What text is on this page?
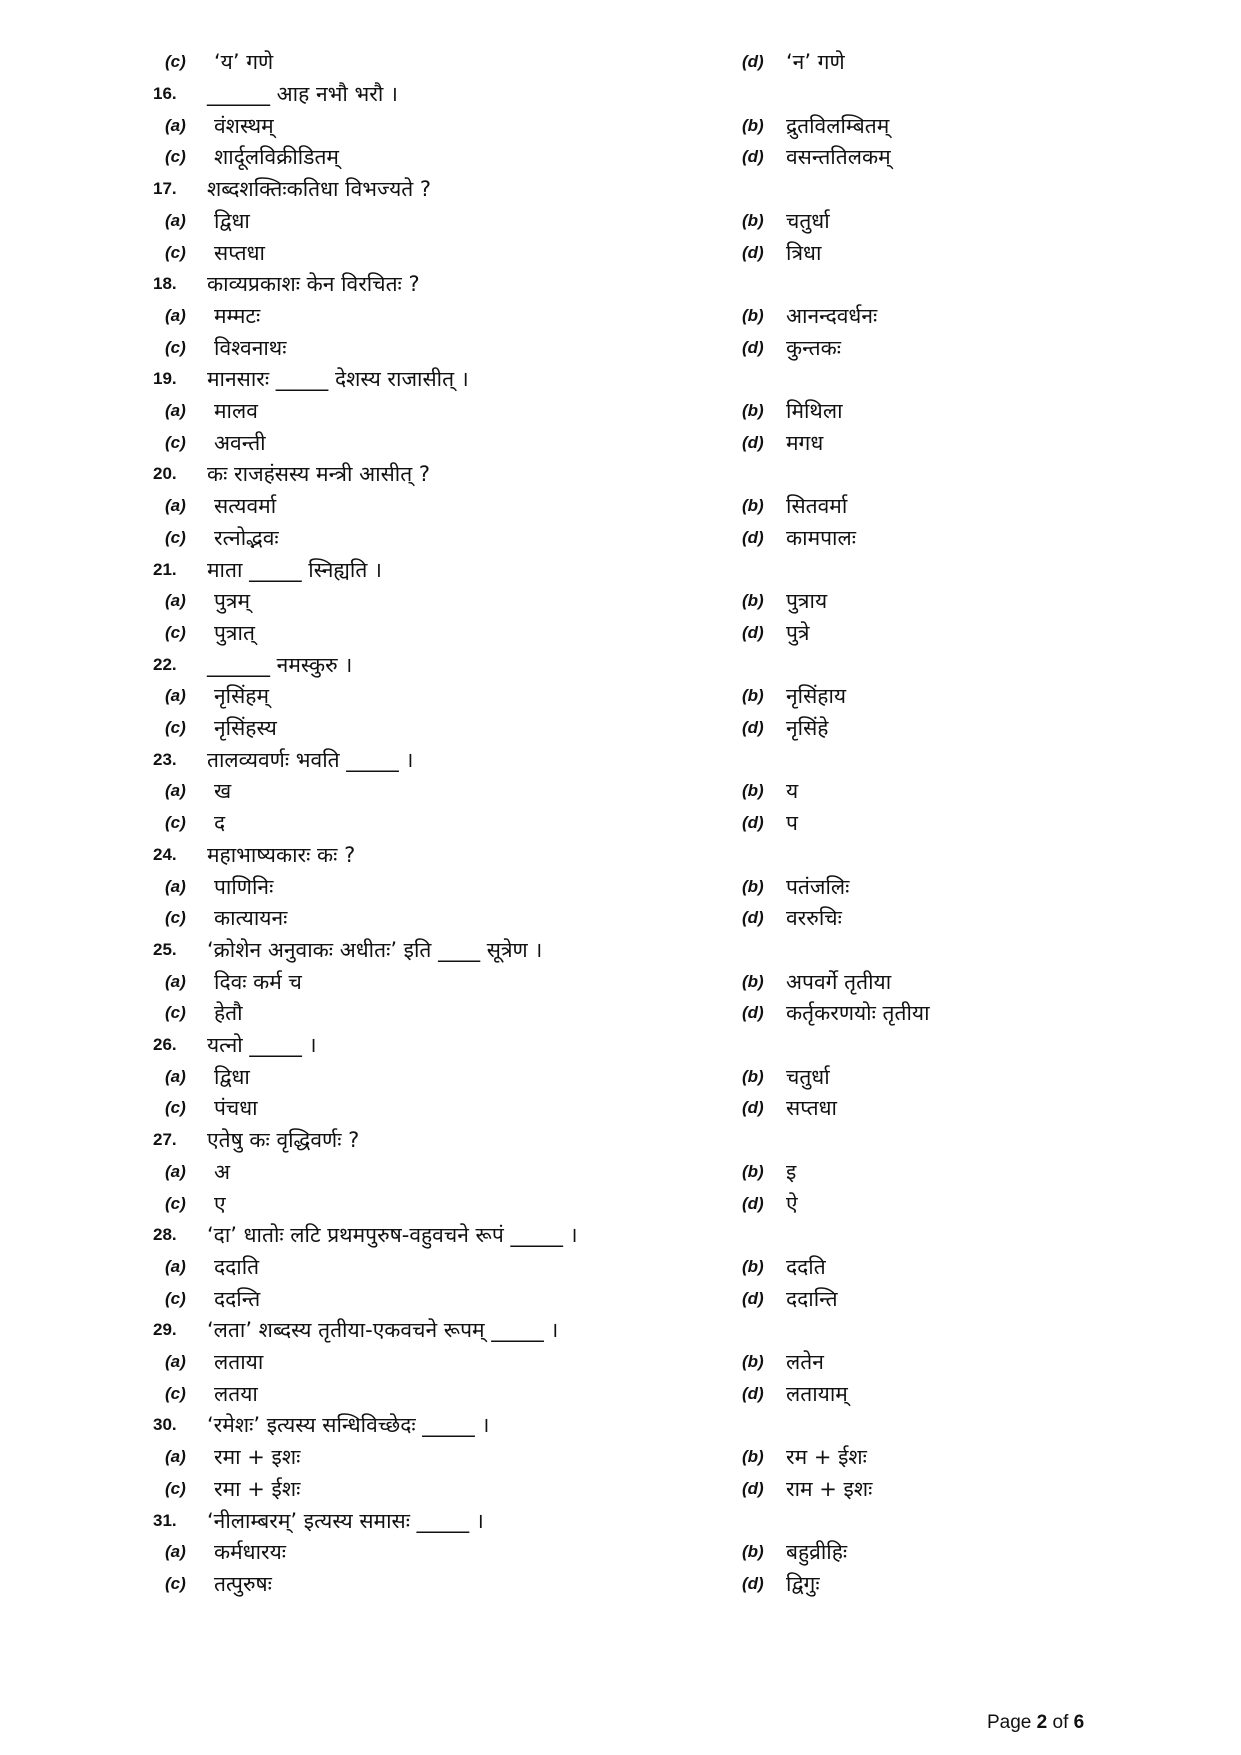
(c) ‘य’ गणे	(d) ‘न’ गणे
16. ______ आह नभौ भरौ ।
(a) वंशस्थम्	(b) द्रुतविलम्बितम्
(c) शार्दूलविक्रीडितम्	(d) वसन्ततिलकम्
17. शब्दशक्तिःकतिधा विभज्यते ?
(a) द्विधा	(b) चतुर्धा
(c) सप्तधा	(d) त्रिधा
18. काव्यप्रकाशः केन विरचितः ?
(a) मम्मटः	(b) आनन्दवर्धनः
(c) विश्वनाथः	(d) कुन्तकः
19. मानसारः _____ देशस्य राजासीत् ।
(a) मालव	(b) मिथिला
(c) अवन्ती	(d) मगध
20. कः राजहंसस्य मन्त्री आसीत् ?
(a) सत्यवर्मा	(b) सितवर्मा
(c) रत्नोद्भवः	(d) कामपालः
21. माता _____ स्निह्यति ।
(a) पुत्रम्	(b) पुत्राय
(c) पुत्रात्	(d) पुत्रे
22. ______ नमस्कुरु ।
(a) नृसिंहम्	(b) नृसिंहाय
(c) नृसिंहस्य	(d) नृसिंहे
23. तालव्यवर्णः भवति _____ ।
(a) ख	(b) य
(c) द	(d) प
24. महाभाष्यकारः कः ?
(a) पाणिनिः	(b) पतंजलिः
(c) कात्यायनः	(d) वररुचिः
25. ‘क्रोशेन अनुवाकः अधीतः’ इति ____ सूत्रेण ।
(a) दिवः कर्म च	(b) अपवर्गे तृतीया
(c) हेतौ	(d) कर्तृकरणयोः तृतीया
26. यत्नो _____ ।
(a) द्विधा	(b) चतुर्धा
(c) पंचधा	(d) सप्तधा
27. एतेषु कः वृद्धिवर्णः ?
(a) अ	(b) इ
(c) ए	(d) ऐ
28. ‘दा’ धातोः लटि प्रथमपुरुष-वहुवचने रूपं _____ ।
(a) ददाति	(b) ददति
(c) ददन्ति	(d) ददान्ति
29. ‘लता’ शब्दस्य तृतीया-एकवचने रूपम् _____ ।
(a) लताया	(b) लतेन
(c) लतया	(d) लतायाम्
30. ‘रमेशः’ इत्यस्य सन्धिविच्छेदः _____ ।
(a) रमा + इशः	(b) रम + ईशः
(c) रमा + ईशः	(d) राम + इशः
31. ‘नीलाम्बरम्’ इत्यस्य समासः _____ ।
(a) कर्मधारयः	(b) बहुव्रीहिः
(c) तत्पुरुषः	(d) द्विगुः
Page 2 of 6
